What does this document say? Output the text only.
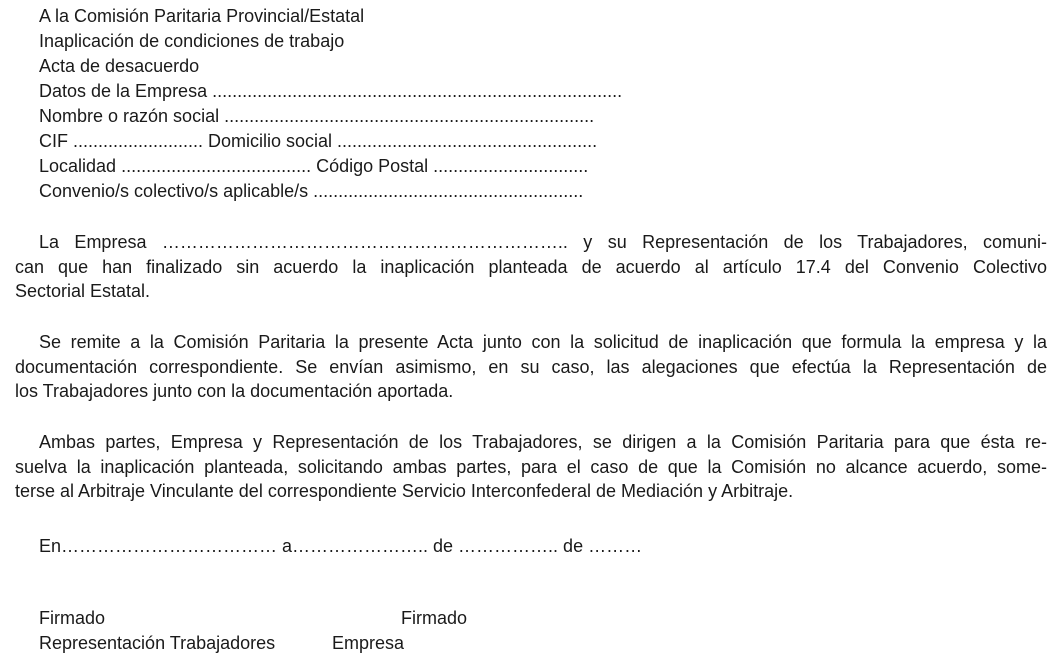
A la Comisión Paritaria Provincial/Estatal
Inaplicación de condiciones de trabajo
Acta de desacuerdo
Datos de la Empresa ..................................................................................
Nombre o razón social ..........................................................................
CIF .......................... Domicilio social ....................................................
Localidad ...................................... Código Postal ...............................
Convenio/s colectivo/s aplicable/s ......................................................
La Empresa ………………………………………………………….. y su Representación de los Trabajadores, comuni-
can que han finalizado sin acuerdo la inaplicación planteada de acuerdo al artículo 17.4 del Convenio Colectivo
Sectorial Estatal.
Se remite a la Comisión Paritaria la presente Acta junto con la solicitud de inaplicación que formula la empresa y la
documentación correspondiente. Se envían asimismo, en su caso, las alegaciones que efectúa la Representación de
los Trabajadores junto con la documentación aportada.
Ambas partes, Empresa y Representación de los Trabajadores, se dirigen a la Comisión Paritaria para que ésta re-
suelva la inaplicación planteada, solicitando ambas partes, para el caso de que la Comisión no alcance acuerdo, some-
terse al Arbitraje Vinculante del correspondiente Servicio Interconfederal de Mediación y Arbitraje.
En……………………………… a………………….. de …………….. de ………
Firmado
Representación Trabajadores
Firmado
Empresa
